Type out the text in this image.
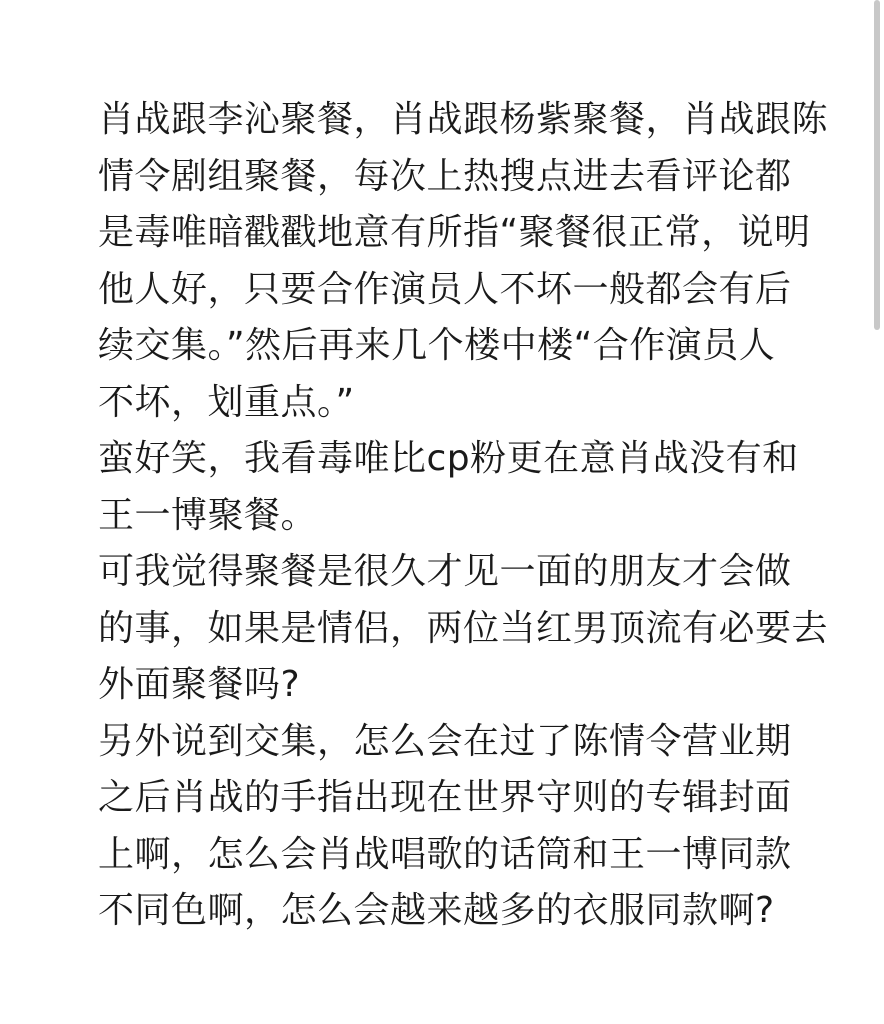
肖战跟李沁聚餐，肖战跟杨紫聚餐，肖战跟陈
情令剧组聚餐，每次上热搜点进去看评论都
是毒唯暗戳戳地意有所指“聚餐很正常，说明
他人好，只要合作演员人不坏一般都会有后
续交集。”然后再来几个楼中楼“合作演员人
不坏，划重点。”
蛮好笑，我看毒唯比cp粉更在意肖战没有和
王一博聚餐。
可我觉得聚餐是很久才见一面的朋友才会做
的事，如果是情侣，两位当红男顶流有必要去
外面聚餐吗?
另外说到交集，怎么会在过了陈情令营业期
之后肖战的手指出现在世界守则的专辑封面
上啊，怎么会肖战唱歌的话筒和王一博同款
不同色啊，怎么会越来越多的衣服同款啊?
